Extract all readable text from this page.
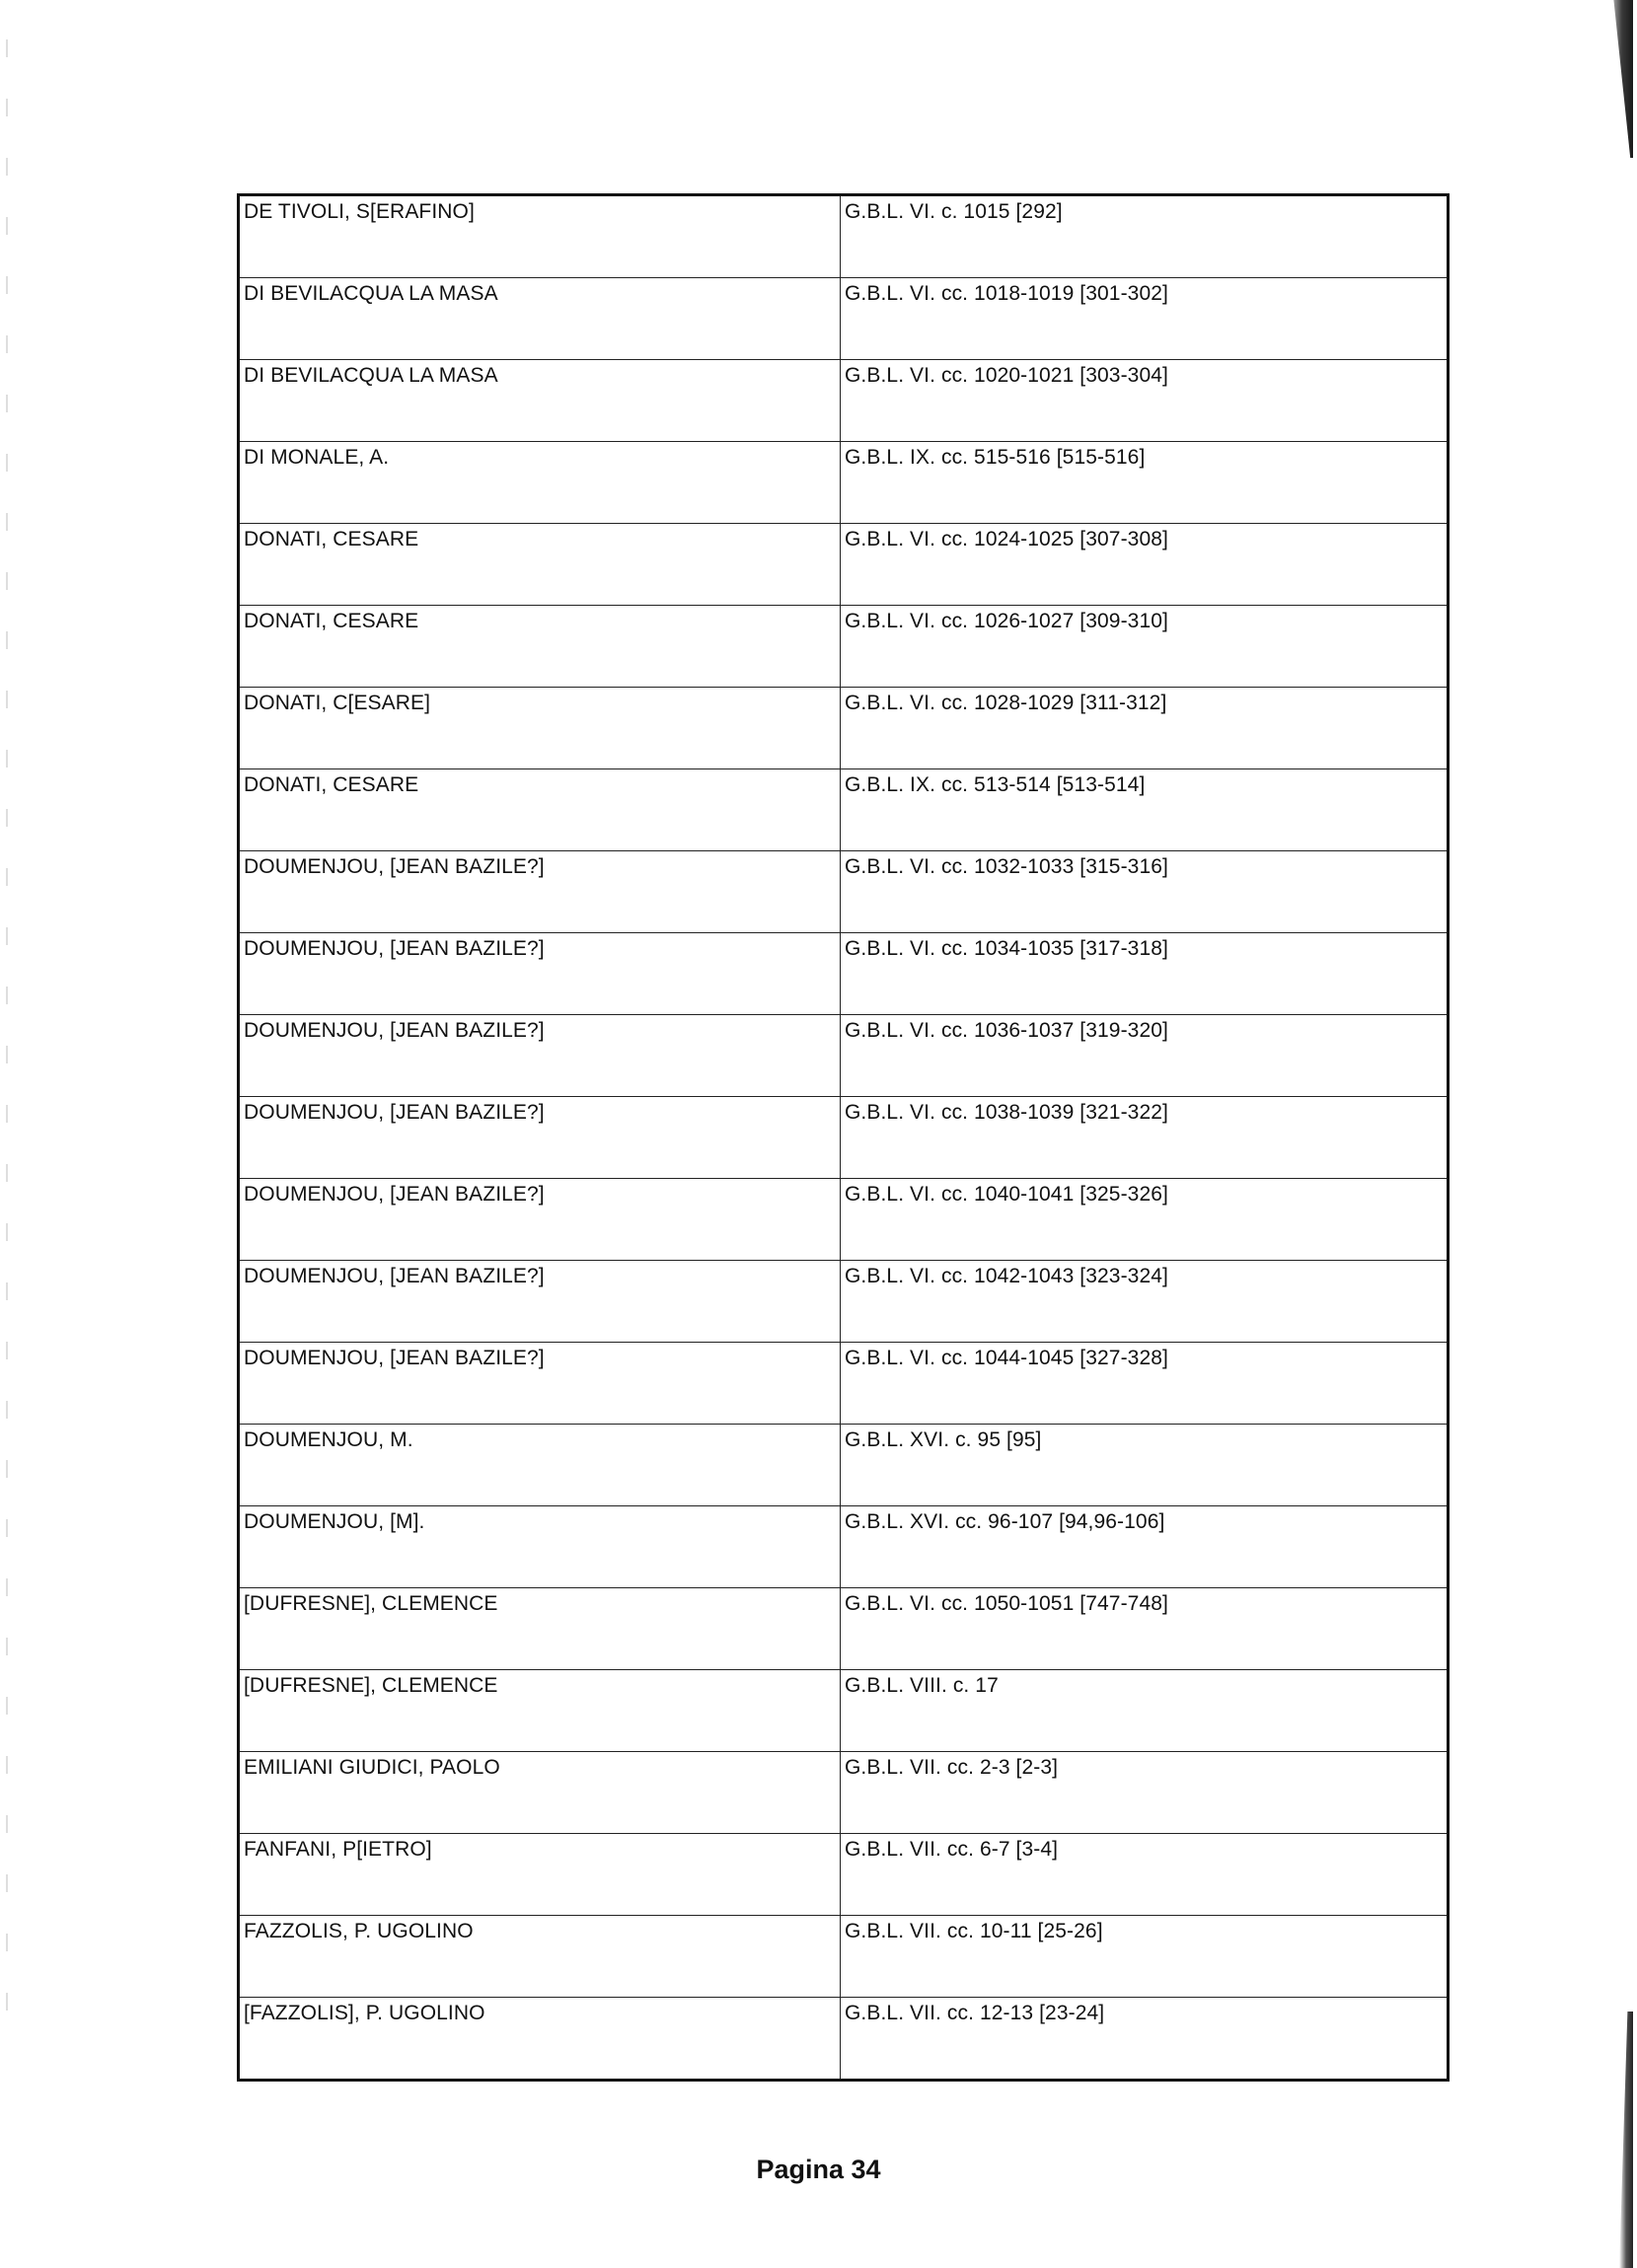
DE TIVOLI, S[ERAFINO]	G.B.L. VI. c. 1015 [292]
DI BEVILACQUA LA MASA	G.B.L. VI. cc. 1018-1019 [301-302]
DI BEVILACQUA LA MASA	G.B.L. VI. cc. 1020-1021 [303-304]
DI MONALE, A.	G.B.L. IX. cc. 515-516 [515-516]
DONATI, CESARE	G.B.L. VI. cc. 1024-1025 [307-308]
DONATI, CESARE	G.B.L. VI. cc. 1026-1027 [309-310]
DONATI, C[ESARE]	G.B.L. VI. cc. 1028-1029 [311-312]
DONATI, CESARE	G.B.L. IX. cc. 513-514 [513-514]
DOUMENJOU, [JEAN BAZILE?]	G.B.L. VI. cc. 1032-1033 [315-316]
DOUMENJOU, [JEAN BAZILE?]	G.B.L. VI. cc. 1034-1035 [317-318]
DOUMENJOU, [JEAN BAZILE?]	G.B.L. VI. cc. 1036-1037 [319-320]
DOUMENJOU, [JEAN BAZILE?]	G.B.L. VI. cc. 1038-1039 [321-322]
DOUMENJOU, [JEAN BAZILE?]	G.B.L. VI. cc. 1040-1041 [325-326]
DOUMENJOU, [JEAN BAZILE?]	G.B.L. VI. cc. 1042-1043 [323-324]
DOUMENJOU, [JEAN BAZILE?]	G.B.L. VI. cc. 1044-1045 [327-328]
DOUMENJOU, M.	G.B.L. XVI. c. 95 [95]
DOUMENJOU, [M].	G.B.L. XVI. cc. 96-107 [94,96-106]
[DUFRESNE], CLEMENCE	G.B.L. VI. cc. 1050-1051 [747-748]
[DUFRESNE], CLEMENCE	G.B.L. VIII. c. 17
EMILIANI GIUDICI, PAOLO	G.B.L. VII. cc. 2-3 [2-3]
FANFANI, P[IETRO]	G.B.L. VII. cc. 6-7 [3-4]
FAZZOLIS, P. UGOLINO	G.B.L. VII. cc. 10-11 [25-26]
[FAZZOLIS], P. UGOLINO	G.B.L. VII. cc. 12-13 [23-24]
Pagina 34
